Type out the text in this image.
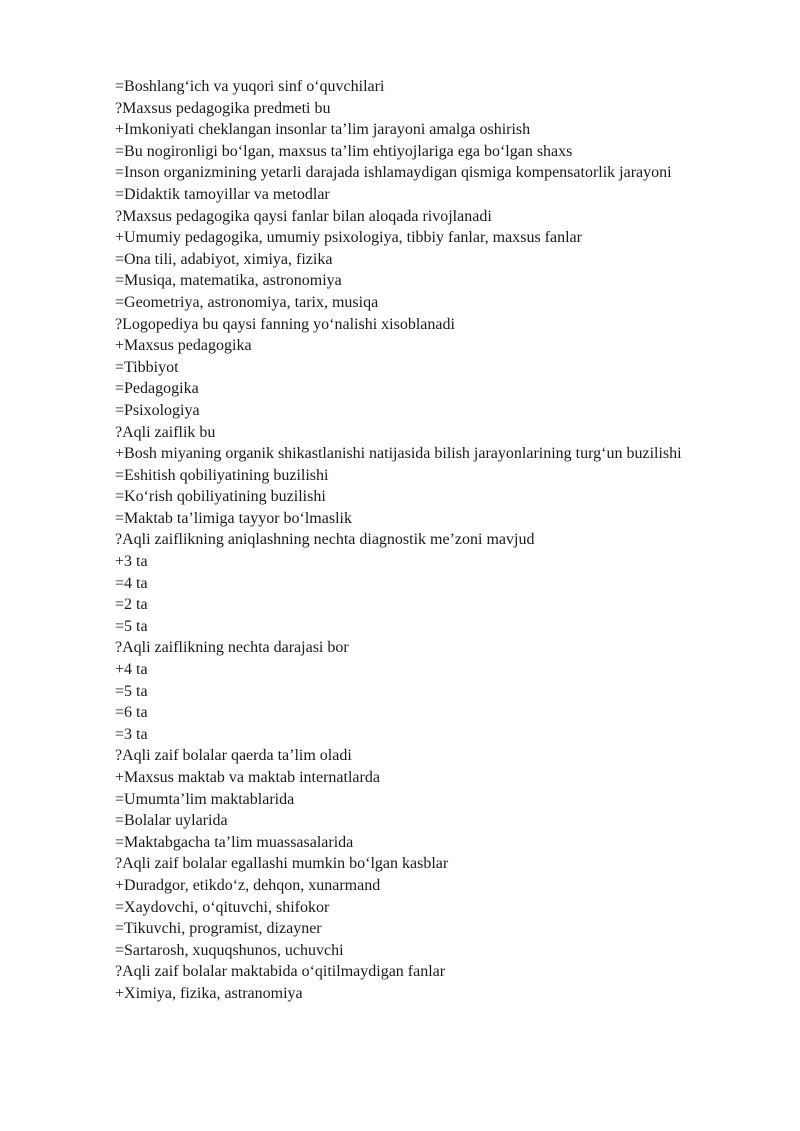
=Boshlang‘ich va yuqori sinf o‘quvchilari
?Maxsus pedagogika predmeti bu
+Imkoniyati cheklangan insonlar ta’lim jarayoni amalga oshirish
=Bu nogironligi bo‘lgan, maxsus ta’lim ehtiyojlariga ega bo‘lgan shaxs
=Inson organizmining yetarli darajada ishlamaydigan qismiga kompensatorlik jarayoni
=Didaktik tamoyillar va metodlar
?Maxsus pedagogika qaysi fanlar bilan aloqada rivojlanadi
+Umumiy pedagogika, umumiy psixologiya, tibbiy fanlar, maxsus fanlar
=Ona tili, adabiyot, ximiya, fizika
=Musiqa, matematika, astronomiya
=Geometriya, astronomiya, tarix, musiqa
?Logopediya bu qaysi fanning yo‘nalishi xisoblanadi
+Maxsus pedagogika
=Tibbiyot
=Pedagogika
=Psixologiya
?Aqli zaiflik bu
+Bosh miyaning organik shikastlanishi natijasida bilish jarayonlarining turg‘un buzilishi
=Eshitish qobiliyatining buzilishi
=Ko‘rish qobiliyatining buzilishi
=Maktab ta’limiga tayyor bo‘lmaslik
?Aqli zaiflikning aniqlashning nechta diagnostik me’zoni mavjud
+3 ta
=4 ta
=2 ta
=5 ta
?Aqli zaiflikning nechta darajasi bor
+4 ta
=5 ta
=6 ta
=3 ta
?Aqli zaif bolalar qaerda ta’lim oladi
+Maxsus maktab va maktab internatlarda
=Umumta’lim maktablarida
=Bolalar uylarida
=Maktabgacha ta’lim muassasalarida
?Aqli zaif bolalar egallashi mumkin bo‘lgan kasblar
+Duradgor, etikdo‘z, dehqon, xunarmand
=Xaydovchi, o‘qituvchi, shifokor
=Tikuvchi, programist, dizayner
=Sartarosh, xuquqshunos, uchuvchi
?Aqli zaif bolalar maktabida o‘qitilmaydigan fanlar
+Ximiya, fizika, astranomiya
